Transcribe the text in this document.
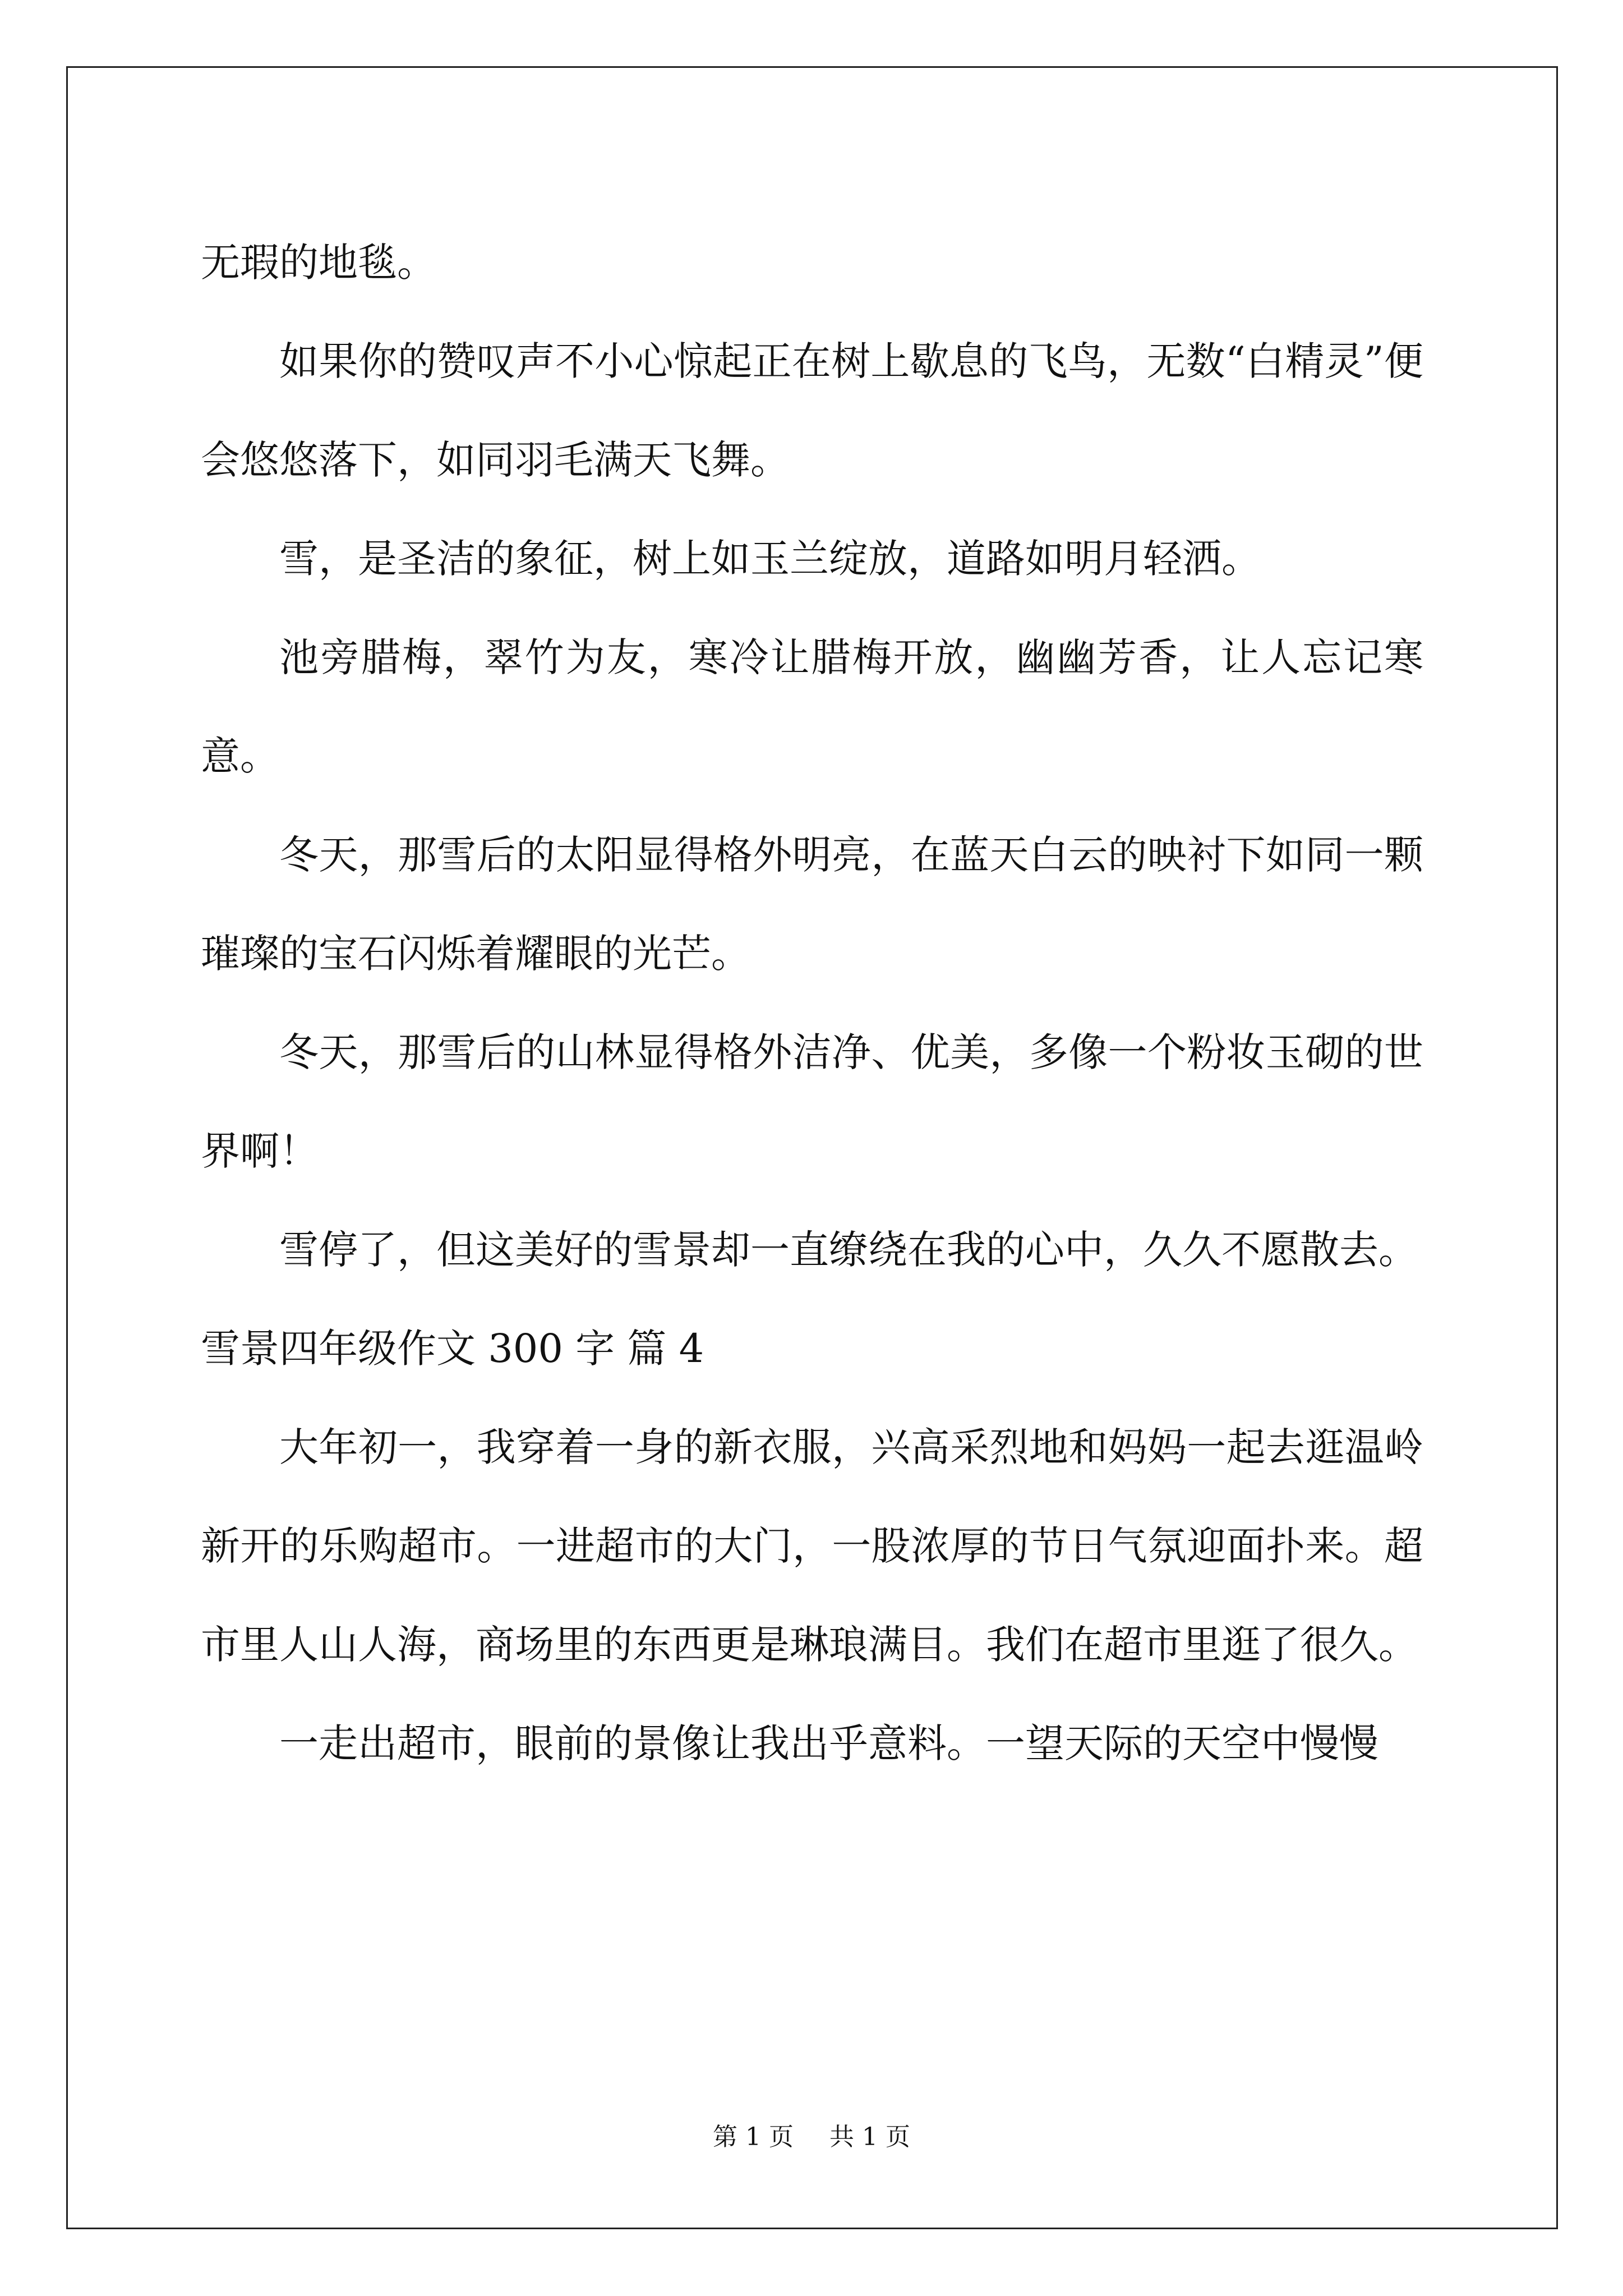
无瑕的地毯。

如果你的赞叹声不小心惊起正在树上歇息的飞鸟，无数“白精灵”便会悠悠落下，如同羽毛满天飞舞。

雪，是圣洁的象征，树上如玉兰绽放，道路如明月轻洒。

池旁腊梅，翠竹为友，寒冷让腊梅开放，幽幽芳香，让人忘记寒意。

冬天，那雪后的太阳显得格外明亮，在蓝天白云的映衬下如同一颗璀璨的宝石闪烁着耀眼的光芒。

冬天，那雪后的山林显得格外洁净、优美，多像一个粉妆玉砌的世界啊！

雪停了，但这美好的雪景却一直缭绕在我的心中，久久不愿散去。

雪景四年级作文 300 字 篇 4

大年初一，我穿着一身的新衣服，兴高采烈地和妈妈一起去逛温岭新开的乐购超市。一进超市的大门，一股浓厚的节日气氛迎面扑来。超市里人山人海，商场里的东西更是琳琅满目。我们在超市里逛了很久。

一走出超市，眼前的景像让我出乎意料。一望天际的天空中慢慢

第 1 页 共 1 页
